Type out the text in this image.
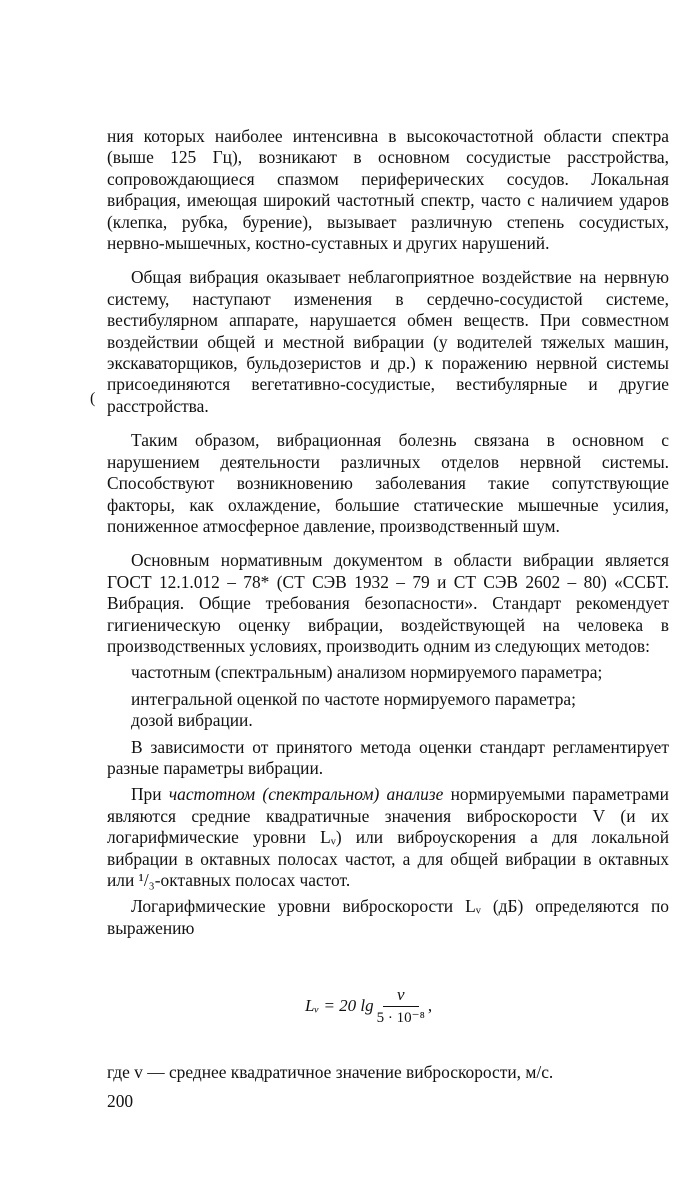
(

ния которых наиболее интенсивна в высокочастотной области спектра (выше 125 Гц), возникают в основном сосудистые расстройства, сопровождающиеся спазмом периферических сосудов. Локальная вибрация, имеющая широкий частотный спектр, часто с наличием ударов (клепка, рубка, бурение), вызывает различную степень сосудистых, нервно-мышечных, костно-суставных и других нарушений.

Общая вибрация оказывает неблагоприятное воздействие на нервную систему, наступают изменения в сердечно-сосудистой системе, вестибулярном аппарате, нарушается обмен веществ. При совместном воздействии общей и местной вибрации (у водителей тяжелых машин, экскаваторщиков, бульдозеристов и др.) к поражению нервной системы присоединяются вегетативно-сосудистые, вестибулярные и другие расстройства.

Таким образом, вибрационная болезнь связана в основном с нарушением деятельности различных отделов нервной системы. Способствуют возникновению заболевания такие сопутствующие факторы, как охлаждение, большие статические мышечные усилия, пониженное атмосферное давление, производственный шум.

Основным нормативным документом в области вибрации является ГОСТ 12.1.012 – 78* (СТ СЭВ 1932 – 79 и СТ СЭВ 2602 – 80) «ССБТ. Вибрация. Общие требования безопасности». Стандарт рекомендует гигиеническую оценку вибрации, воздействующей на человека в производственных условиях, производить одним из следующих методов:

частотным (спектральным) анализом нормируемого параметра;

интегральной оценкой по частоте нормируемого параметра;

дозой вибрации.

В зависимости от принятого метода оценки стандарт регламентирует разные параметры вибрации.

При частотном (спектральном) анализе нормируемыми параметрами являются средние квадратичные значения виброскорости V (и их логарифмические уровни Lᵥ) или виброускорения a для локальной вибрации в октавных полосах частот, а для общей вибрации в октавных или ¹/₃-октавных полосах частот.

Логарифмические уровни виброскорости Lᵥ (дБ) определяются по выражению

Lᵥ = 20 $\lg \frac{v}{\text{5 · 10⁻⁸}}$ ,
где v — среднее квадратичное значение виброскорости, м/с.
200
